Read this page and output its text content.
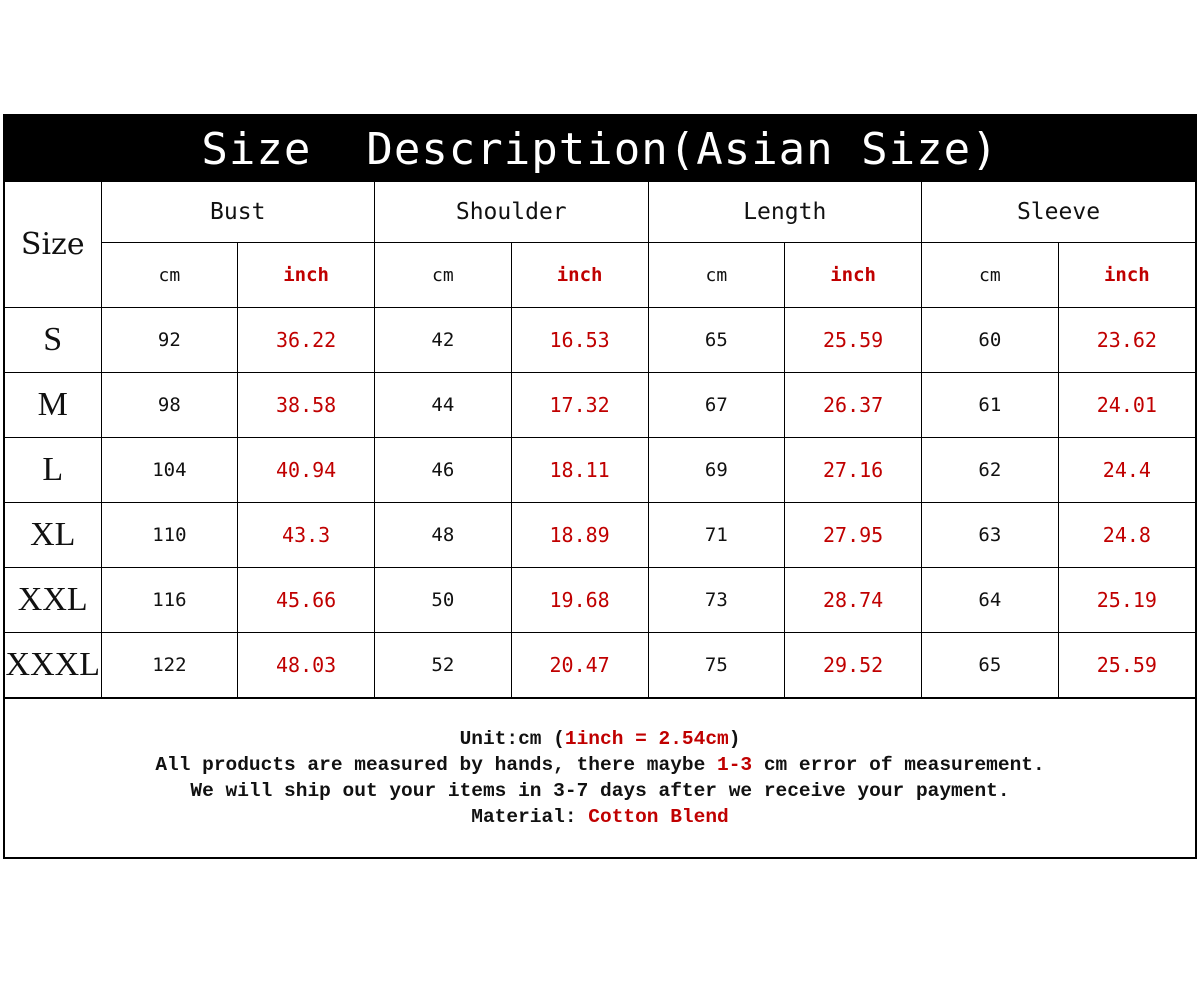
Size  Description(Asian Size)
Size	Bust		Shoulder		Length		Sleeve	
	cm	inch	cm	inch	cm	inch	cm	inch
S	92	36.22	42	16.53	65	25.59	60	23.62
M	98	38.58	44	17.32	67	26.37	61	24.01
L	104	40.94	46	18.11	69	27.16	62	24.4
XL	110	43.3	48	18.89	71	27.95	63	24.8
XXL	116	45.66	50	19.68	73	28.74	64	25.19
XXXL	122	48.03	52	20.47	75	29.52	65	25.59
Unit:cm (1inch = 2.54cm)
All products are measured by hands, there maybe 1-3 cm error of measurement.
We will ship out your items in 3-7 days after we receive your payment.
Material: Cotton Blend
